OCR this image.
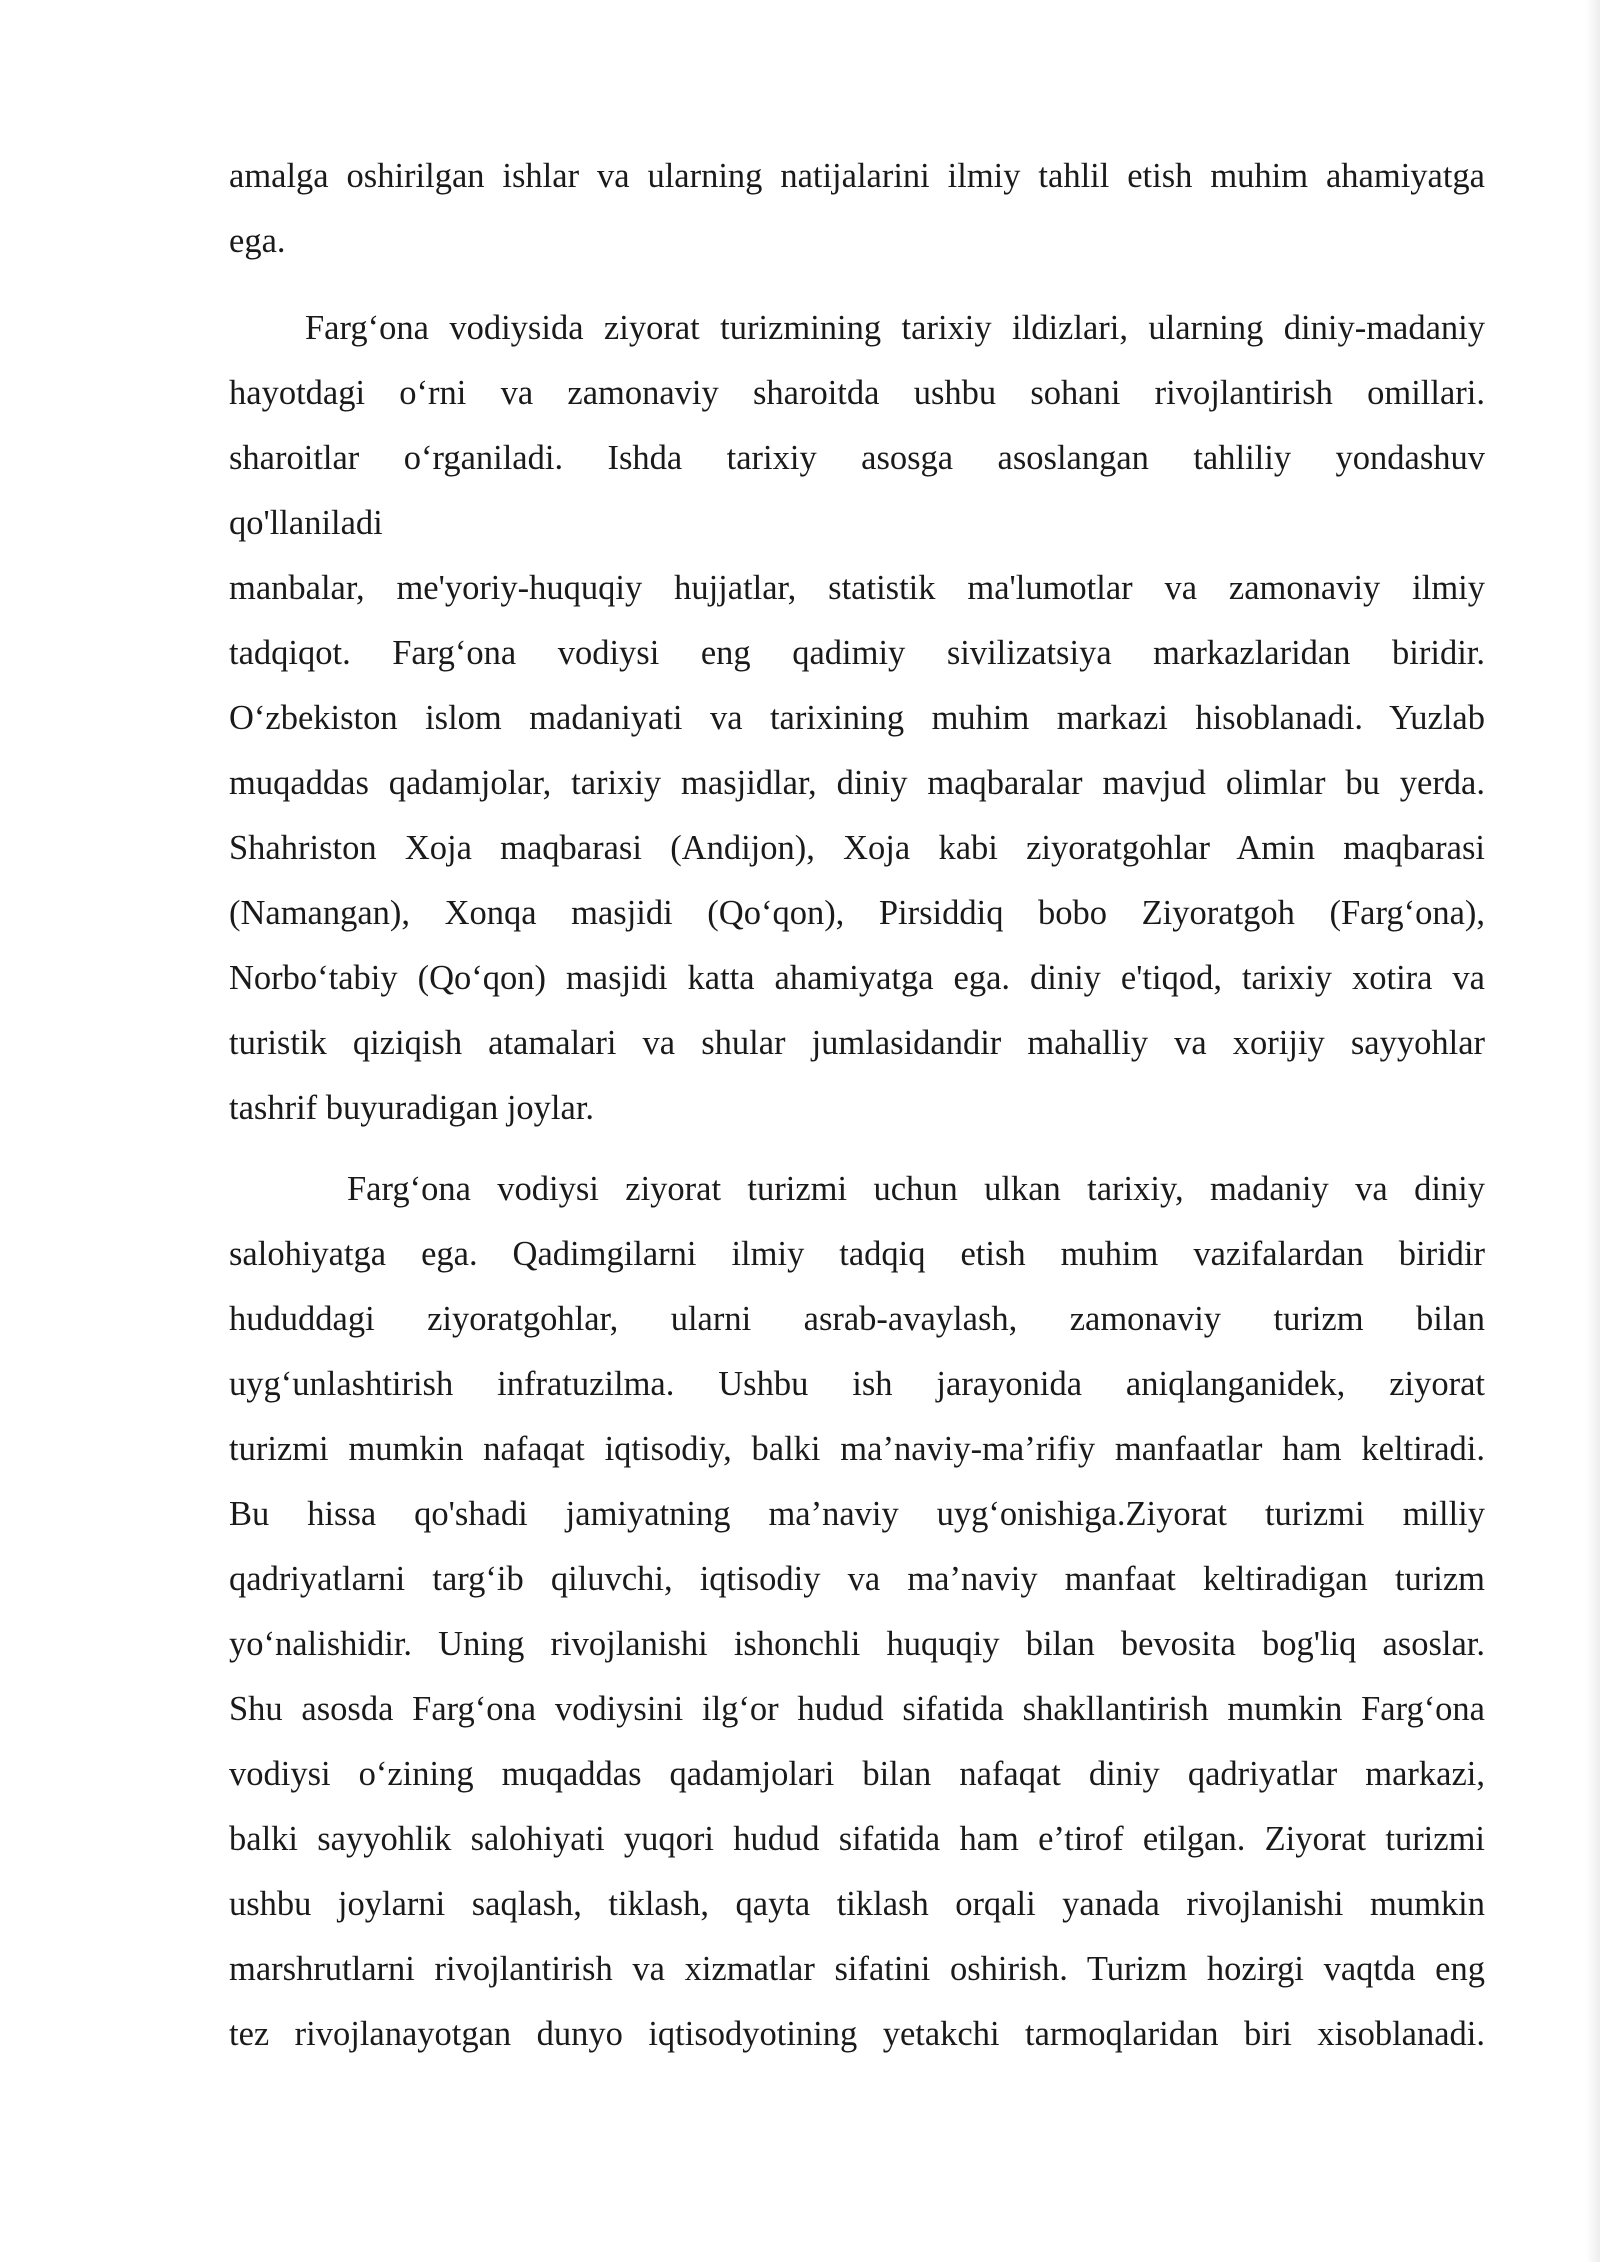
amalga oshirilgan ishlar va ularning natijalarini ilmiy tahlil etish muhim ahamiyatga

ega.

Farg‘ona vodiysida ziyorat turizmining tarixiy ildizlari, ularning diniy-madaniy

hayotdagi o‘rni va zamonaviy sharoitda ushbu sohani rivojlantirish omillari.

sharoitlar o‘rganiladi. Ishda tarixiy asosga asoslangan tahliliy yondashuv

qo'llaniladi

manbalar, me'yoriy-huquqiy hujjatlar, statistik ma'lumotlar va zamonaviy ilmiy

tadqiqot. Farg‘ona vodiysi eng qadimiy sivilizatsiya markazlaridan biridir.

O‘zbekiston islom madaniyati va tarixining muhim markazi hisoblanadi. Yuzlab

muqaddas qadamjolar, tarixiy masjidlar, diniy maqbaralar mavjud olimlar bu yerda.

Shahriston Xoja maqbarasi (Andijon), Xoja kabi ziyoratgohlar Amin maqbarasi

(Namangan), Xonqa masjidi (Qo‘qon), Pirsiddiq bobo Ziyoratgoh (Farg‘ona),

Norbo‘tabiy (Qo‘qon) masjidi katta ahamiyatga ega. diniy e'tiqod, tarixiy xotira va

turistik qiziqish atamalari va shular jumlasidandir mahalliy va xorijiy sayyohlar

tashrif buyuradigan joylar.

Farg‘ona vodiysi ziyorat turizmi uchun ulkan tarixiy, madaniy va diniy

salohiyatga ega. Qadimgilarni ilmiy tadqiq etish muhim vazifalardan biridir

hududdagi ziyoratgohlar, ularni asrab-avaylash, zamonaviy turizm bilan

uyg‘unlashtirish infratuzilma. Ushbu ish jarayonida aniqlanganidek, ziyorat

turizmi mumkin nafaqat iqtisodiy, balki ma’naviy-ma’rifiy manfaatlar ham keltiradi.

Bu hissa qo'shadi jamiyatning ma’naviy uyg‘onishiga.Ziyorat turizmi milliy

qadriyatlarni targ‘ib qiluvchi, iqtisodiy va ma’naviy manfaat keltiradigan turizm

yo‘nalishidir. Uning rivojlanishi ishonchli huquqiy bilan bevosita bog'liq asoslar.

Shu asosda Farg‘ona vodiysini ilg‘or hudud sifatida shakllantirish mumkin Farg‘ona

vodiysi o‘zining muqaddas qadamjolari bilan nafaqat diniy qadriyatlar markazi,

balki sayyohlik salohiyati yuqori hudud sifatida ham e’tirof etilgan. Ziyorat turizmi

ushbu joylarni saqlash, tiklash, qayta tiklash orqali yanada rivojlanishi mumkin

marshrutlarni rivojlantirish va xizmatlar sifatini oshirish. Turizm hozirgi vaqtda eng

tez rivojlanayotgan dunyo iqtisodyotining yetakchi tarmoqlaridan biri xisoblanadi.
